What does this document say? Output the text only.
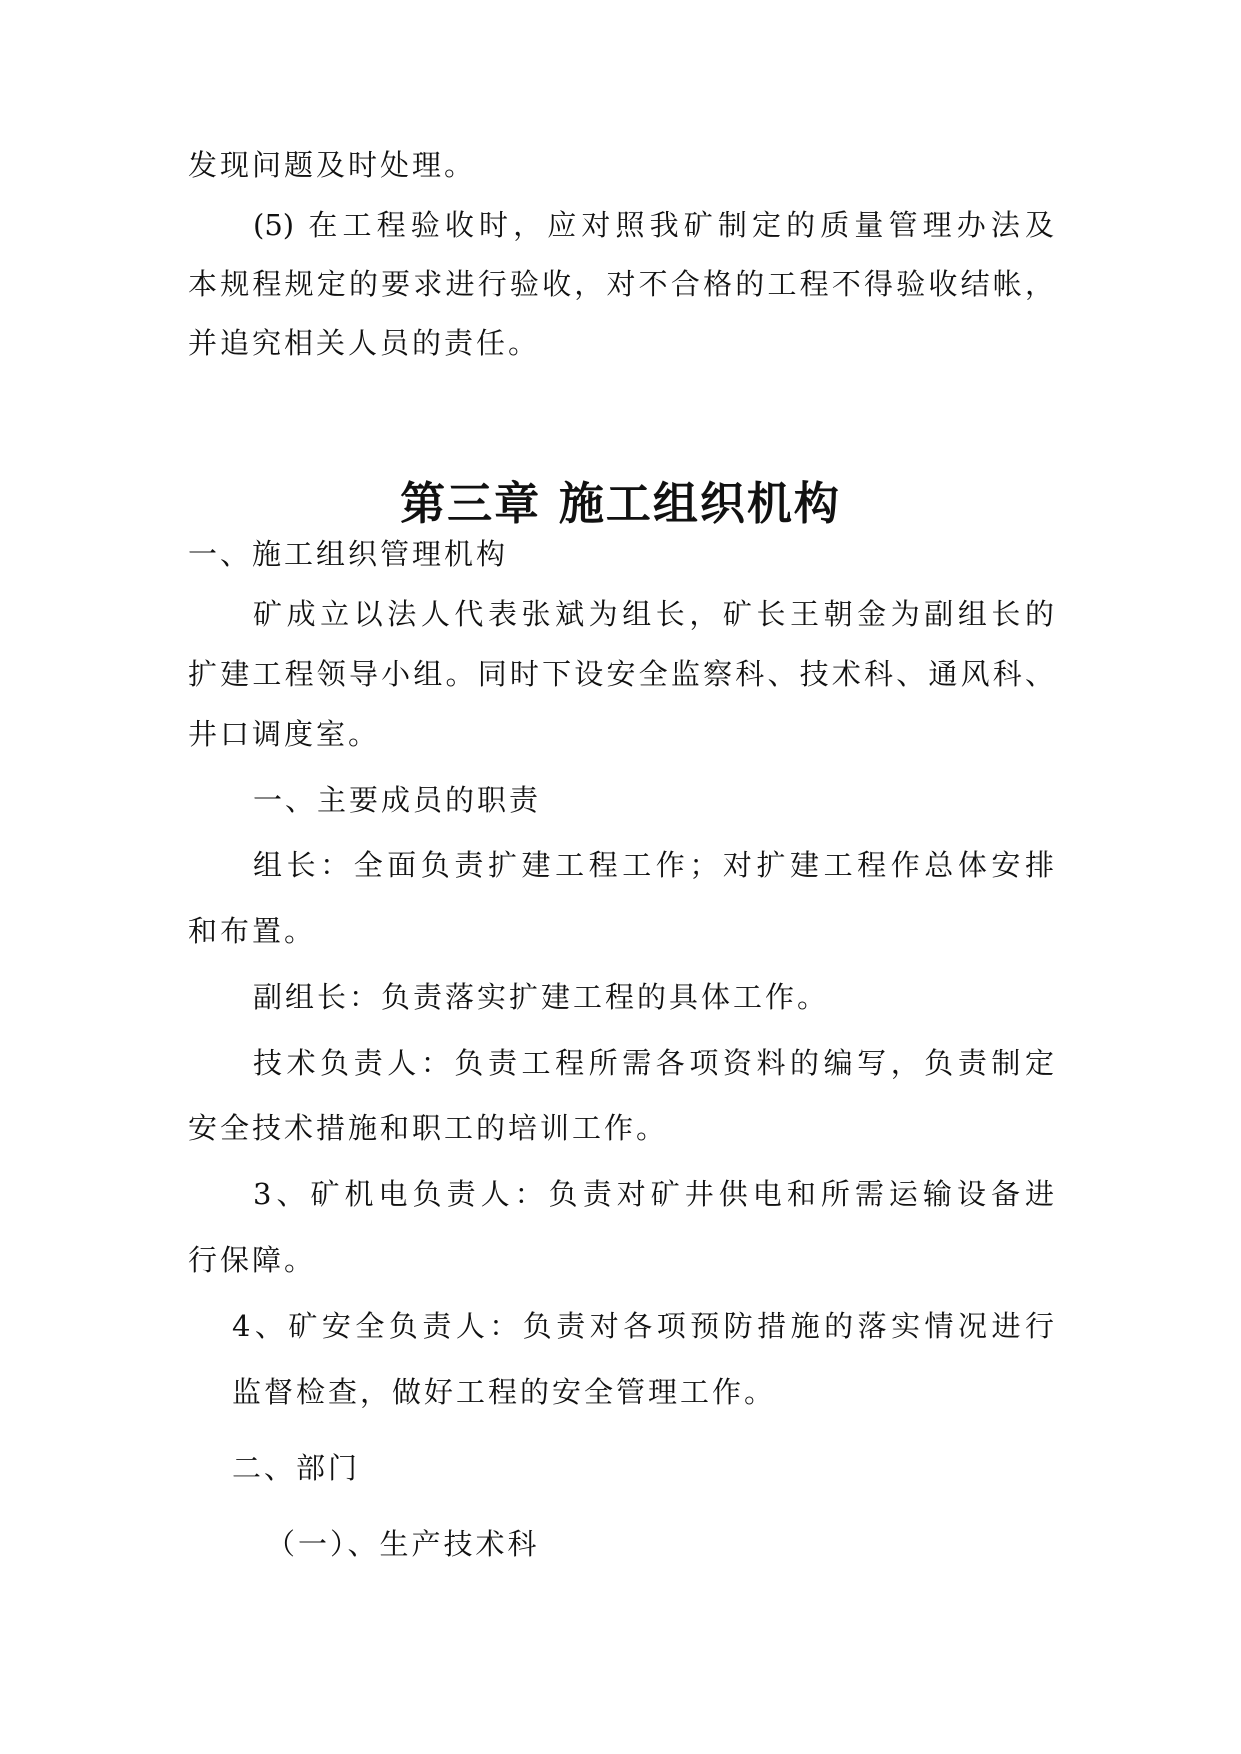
发现问题及时处理。
(5) 在工程验收时，应对照我矿制定的质量管理办法及
本规程规定的要求进行验收，对不合格的工程不得验收结帐，
并追究相关人员的责任。
第三章 施工组织机构
一、施工组织管理机构
矿成立以法人代表张斌为组长，矿长王朝金为副组长的
扩建工程领导小组。同时下设安全监察科、技术科、通风科、
井口调度室。
一、主要成员的职责
组长：全面负责扩建工程工作；对扩建工程作总体安排
和布置。
副组长：负责落实扩建工程的具体工作。
技术负责人：负责工程所需各项资料的编写，负责制定
安全技术措施和职工的培训工作。
3、矿机电负责人：负责对矿井供电和所需运输设备进
行保障。
4、矿安全负责人：负责对各项预防措施的落实情况进行
监督检查，做好工程的安全管理工作。
二、部门
（一）、生产技术科
